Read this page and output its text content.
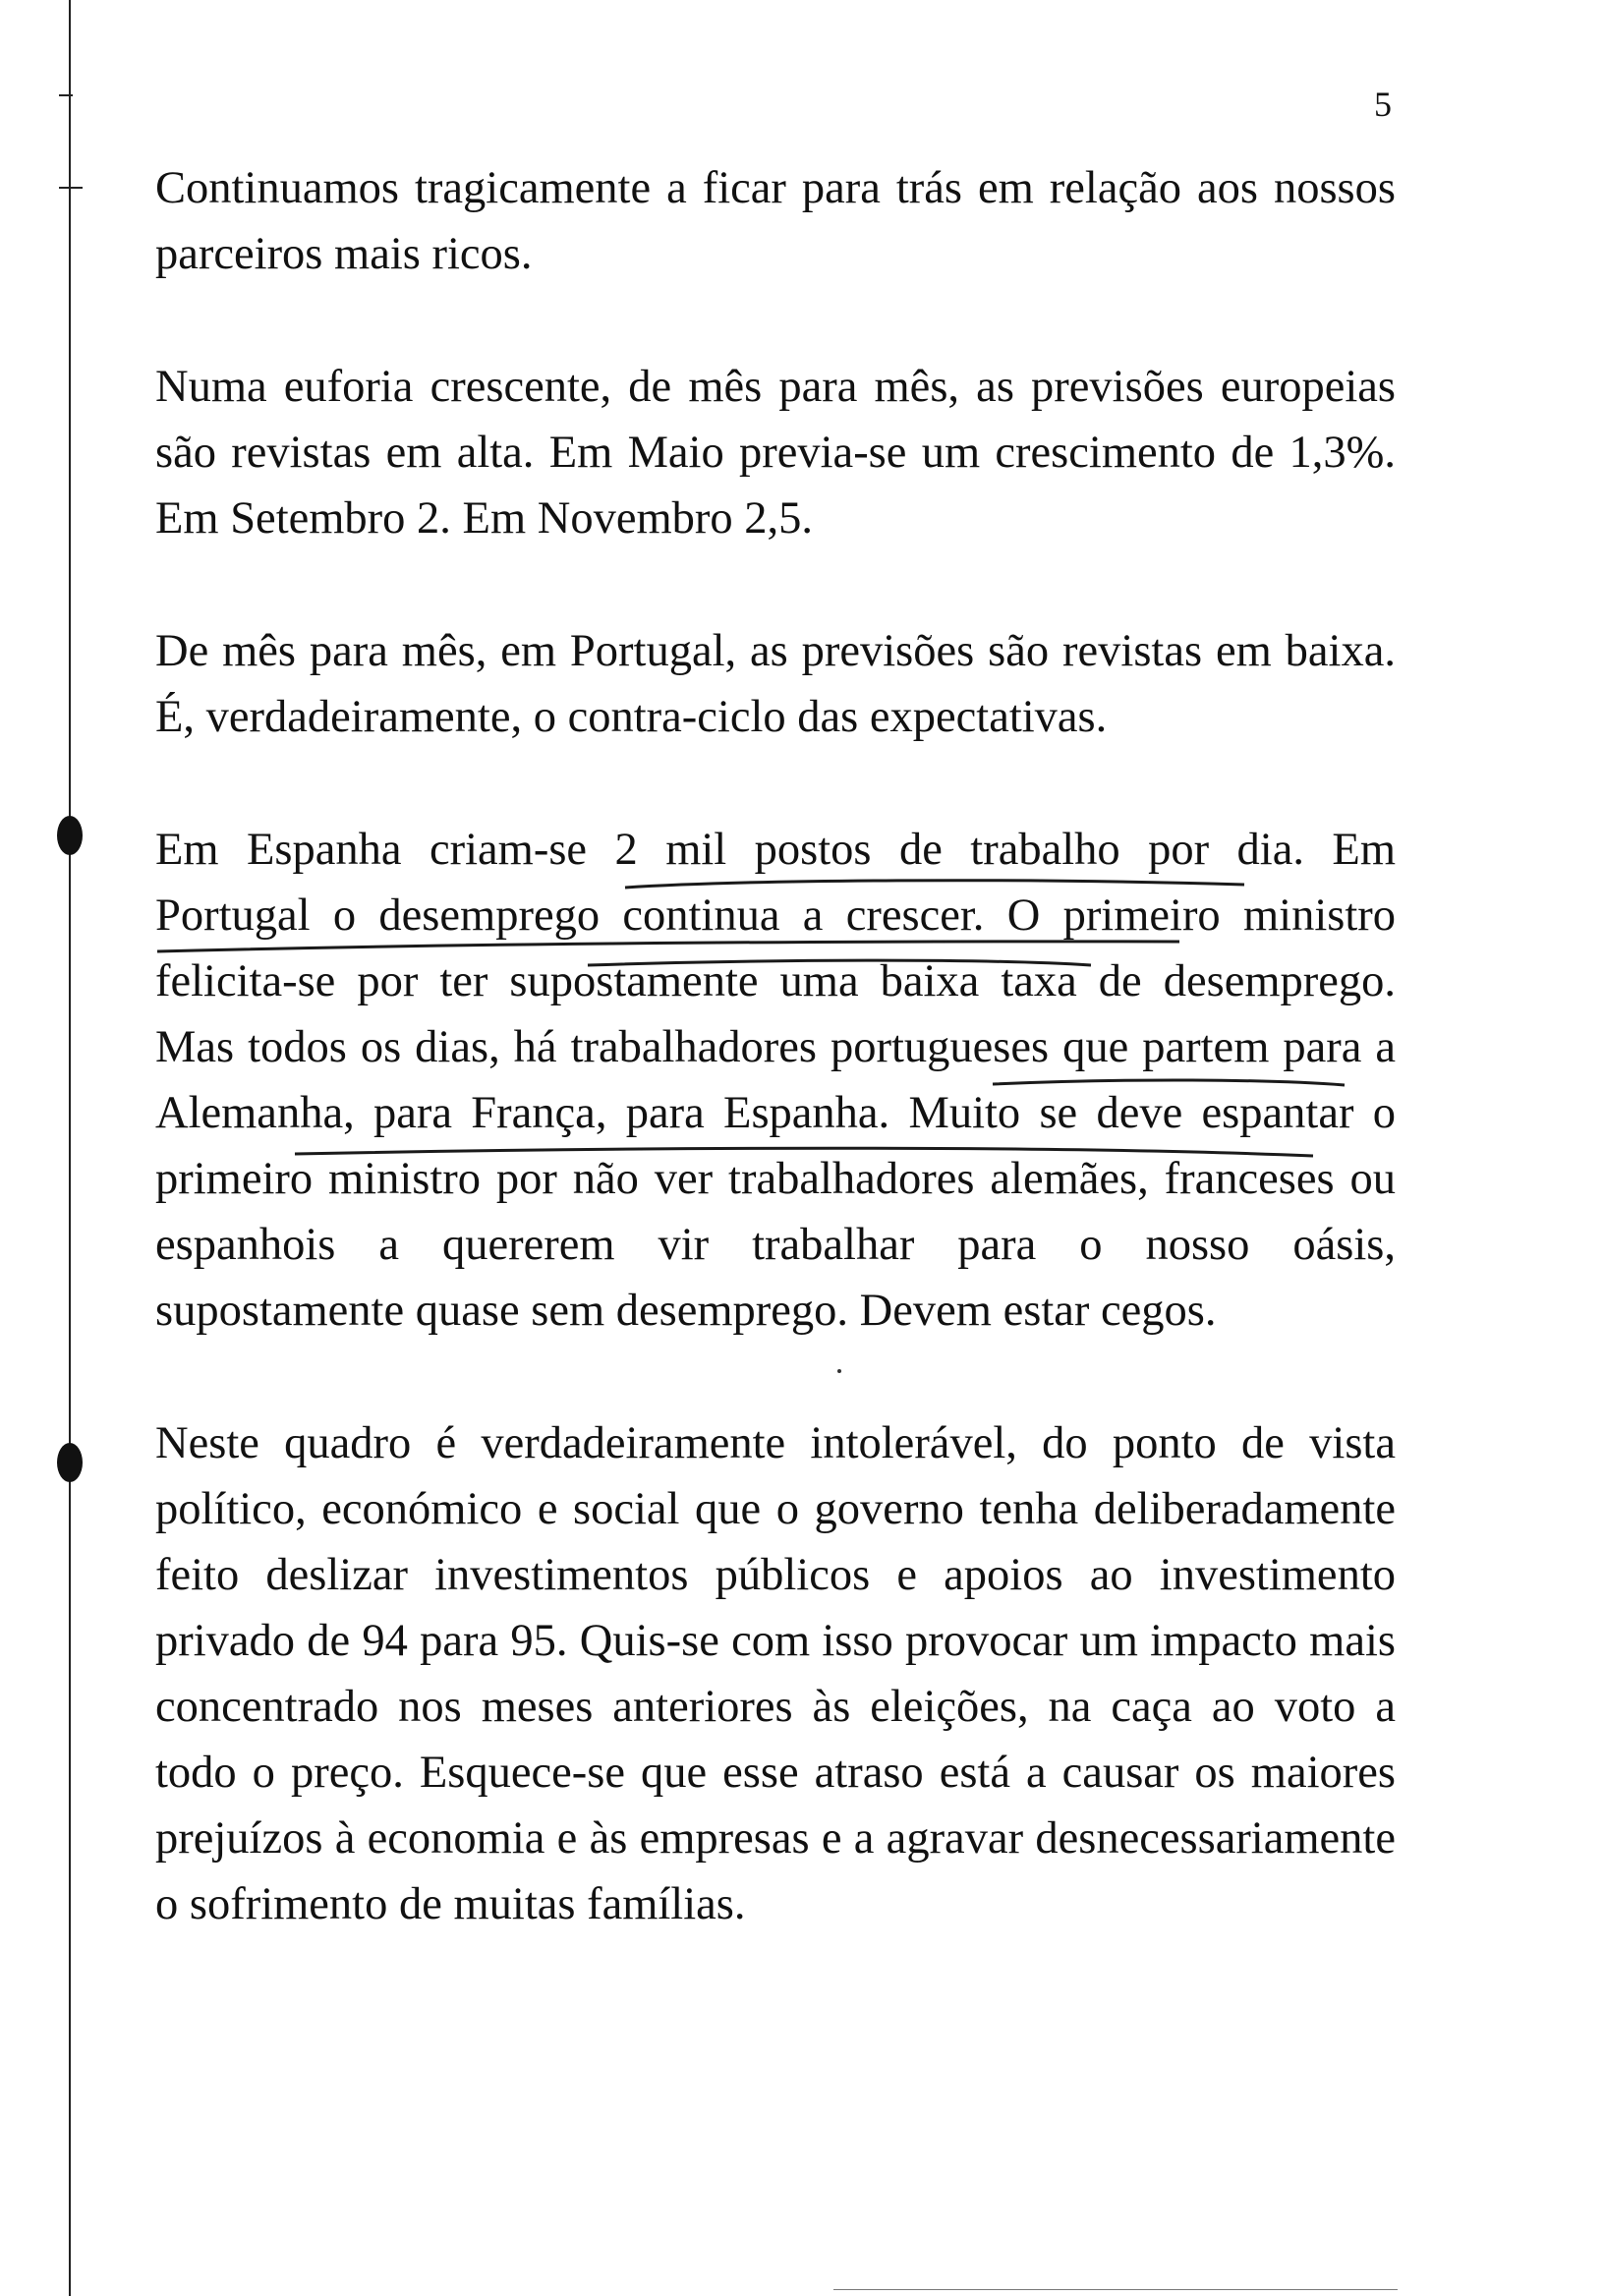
5

Continuamos tragicamente a ficar para trás em relação aos nossos parceiros mais ricos.

Numa euforia crescente, de mês para mês, as previsões europeias são revistas em alta. Em Maio previa-se um crescimento de 1,3%. Em Setembro 2. Em Novembro 2,5.

De mês para mês, em Portugal, as previsões são revistas em baixa. É, verdadeiramente, o contra-ciclo das expectativas.

Em Espanha criam-se 2 mil postos de trabalho por dia. Em Portugal o desemprego continua a crescer. O primeiro ministro felicita-se por ter supostamente uma baixa taxa de desemprego. Mas todos os dias, há trabalhadores portugueses que partem para a Alemanha, para França, para Espanha. Muito se deve espantar o primeiro ministro por não ver trabalhadores alemães, franceses ou espanhois a quererem vir trabalhar para o nosso oásis, supostamente quase sem desemprego. Devem estar cegos.

Neste quadro é verdadeiramente intolerável, do ponto de vista político, económico e social que o governo tenha deliberadamente feito deslizar investimentos públicos e apoios ao investimento privado de 94 para 95. Quis-se com isso provocar um impacto mais concentrado nos meses anteriores às eleições, na caça ao voto a todo o preço. Esquece-se que esse atraso está a causar os maiores prejuízos à economia e às empresas e a agravar desnecessariamente o sofrimento de muitas famílias.
